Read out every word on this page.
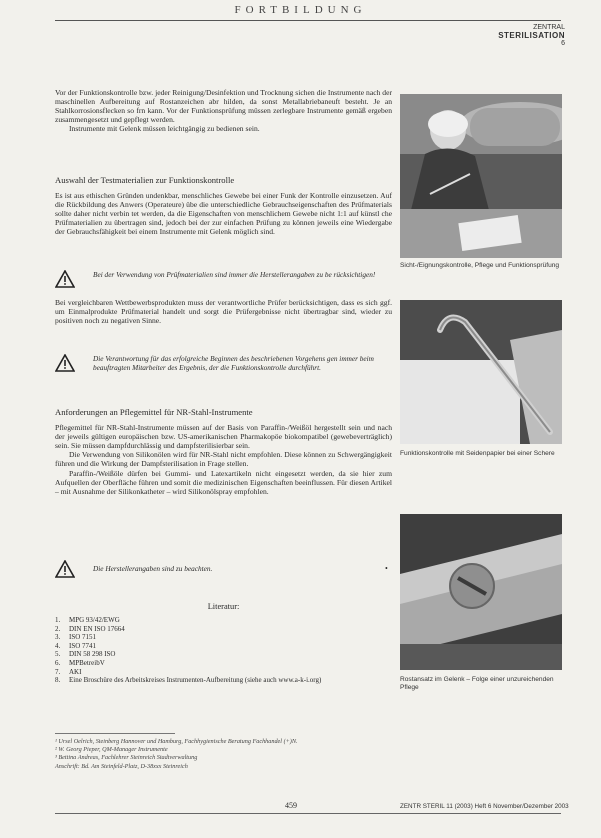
FORTBILDUNG
ZENTRAL
STERILISATION
6

Vor der Funktionskontrolle bzw. jeder Reinigung/Desinfektion und Trocknung sichen die Instrumente nach der maschinellen Aufbereitung auf Rostanzeichen abr hilden, da sonst Metallabriebaneuft besteht. Je an Stahlkorrosionsflecken so frn kann. Vor der Funktionsprüfung müssen zerlegbare Instrumente gemäß ergeben zusammengesetzt und gepflegt werden.

Instrumente mit Gelenk müssen leichtgängig zu bedienen sein.

Auswahl der Testmaterialien zur Funktionskontrolle

Es ist aus ethischen Gründen undenkbar, menschliches Gewebe bei einer Funk der Kontrolle einzusetzen. Auf die Rückbildung des Anwers (Operateure) übe die unterschiedliche Gebrauchseigenschaften des Prüfmaterials sollte daher nicht verbin tet werden, da die Eigenschaften von menschlichem Gewebe nicht 1:1 auf künstl che Prüfmaterialien zu übertragen sind, jedoch bei der zur einfachen Prüfung zu können jeweils eine Wiedergabe der Gebrauchsfähigkeit bei einem Instrumente mit Gelenk möglich sind.

Bei der Verwendung von Prüfmaterialien sind immer die Herstellerangaben zu be rücksichtigen!

Bei vergleichbaren Wettbewerbsprodukten muss der verantwortliche Prüfer berücksichtigen, dass es sich ggf. um Einmalprodukte Prüfmaterial handelt und sorgt die Prüfergebnisse nicht übertragbar sind, wieder zu positiven noch zu negativen Sinne.

Die Verantwortung für das erfolgreiche Beginnen des beschriebenen Vorgehens gen immer beim beauftragten Mitarbeiter des Ergebnis, der die Funktionskontrolle durchführt.

Anforderungen an Pflegemittel für NR-Stahl-Instrumente

Pflegemittel für NR-Stahl-Instrumente müssen auf der Basis von Paraffin-/Weißöl hergestellt sein und nach der jeweils gültigen europäischen bzw. US-amerikanischen Pharmakopöe biokompatibel (gewebeverträglich) sein. Sie müssen dampfdurchlässig und dampfsterilisierbar sein.

Die Verwendung von Silikonölen wird für NR-Stahl nicht empfohlen. Diese können zu Schwergängigkeit führen und die Wirkung der Dampfsterilisation in Frage stellen.

Paraffin-/Weißöle dürfen bei Gummi- und Latexartikeln nicht eingesetzt werden, da sie hier zum Aufquellen der Oberfläche führen und somit die medizinischen Eigenschaften beeinflussen. Für diesen Artikel – mit Ausnahme der Silikonkatheter – wird Silikonölspray empfohlen.

Die Herstellerangaben sind zu beachten.	•
Literatur:
1.	MPG 93/42/EWG
2.	DIN EN ISO 17664
3.	ISO 7151
4.	ISO 7741
5.	DIN 58 298 ISO
6.	MPBetreibV
7.	AKI
8.	Eine Broschüre des Arbeitskreises Instrumenten-Aufbereitung (siehe auch www.a-k-i.org)
¹ Ursel Oelrich, Steinberg Hannover und Hamburg, Fachhygienische Beratung Fachhandel (+)N.
² W. Georg Pieper, QM-Manager Instrumente
³ Bettina Andreas, Fachlehrer Steinreich Stadtverwaltung
Anschrift: Bd. Am Steinfeld-Platz, D-38xxx Steinreich
Sicht-/Eignungskontrolle, Pflege und Funktionsprüfung
Funktionskontrolle mit Seidenpapier bei einer Schere
Rostansatz im Gelenk – Folge einer unzureichenden Pflege
459	ZENTR STERIL 11 (2003) Heft 6 November/Dezember 2003
